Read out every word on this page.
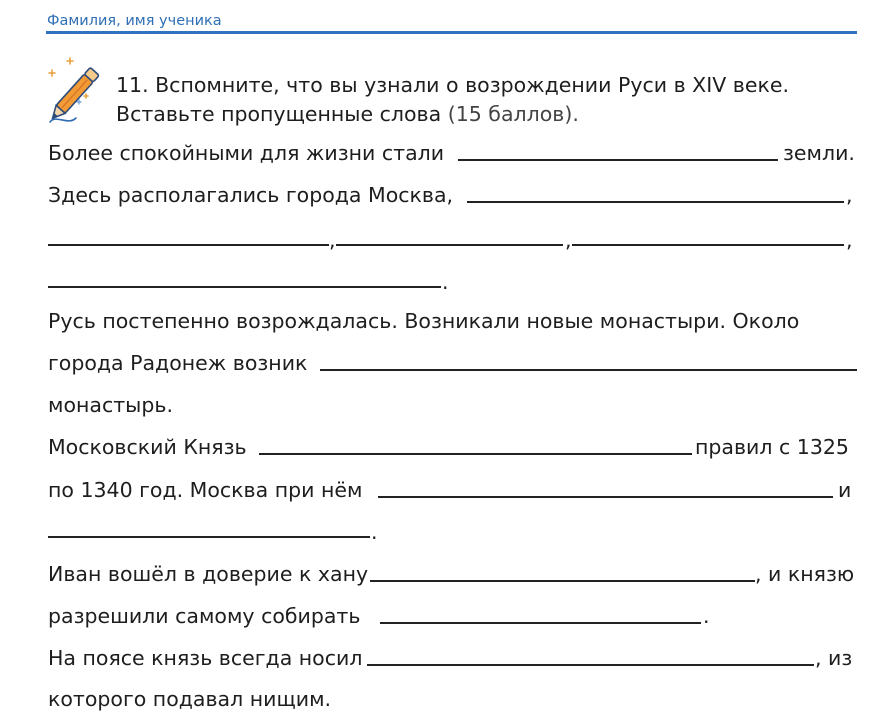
Фамилия, имя ученика
11. Вспомните, что вы узнали о возрождении Руси в XIV веке.
Вставьте пропущенные слова (15 баллов).
Более спокойными для жизни стали	земли.
Здесь располагались города Москва,	,
,	,	,
.
Русь постепенно возрождалась. Возникали новые монастыри. Около
города Радонеж возник
монастырь.
Московский Князь	правил с 1325
по 1340 год. Москва при нём	и
.
Иван вошёл в доверие к хану	, и князю
разрешили самому собирать	.
На поясе князь всегда носил	, из
которого подавал нищим.
